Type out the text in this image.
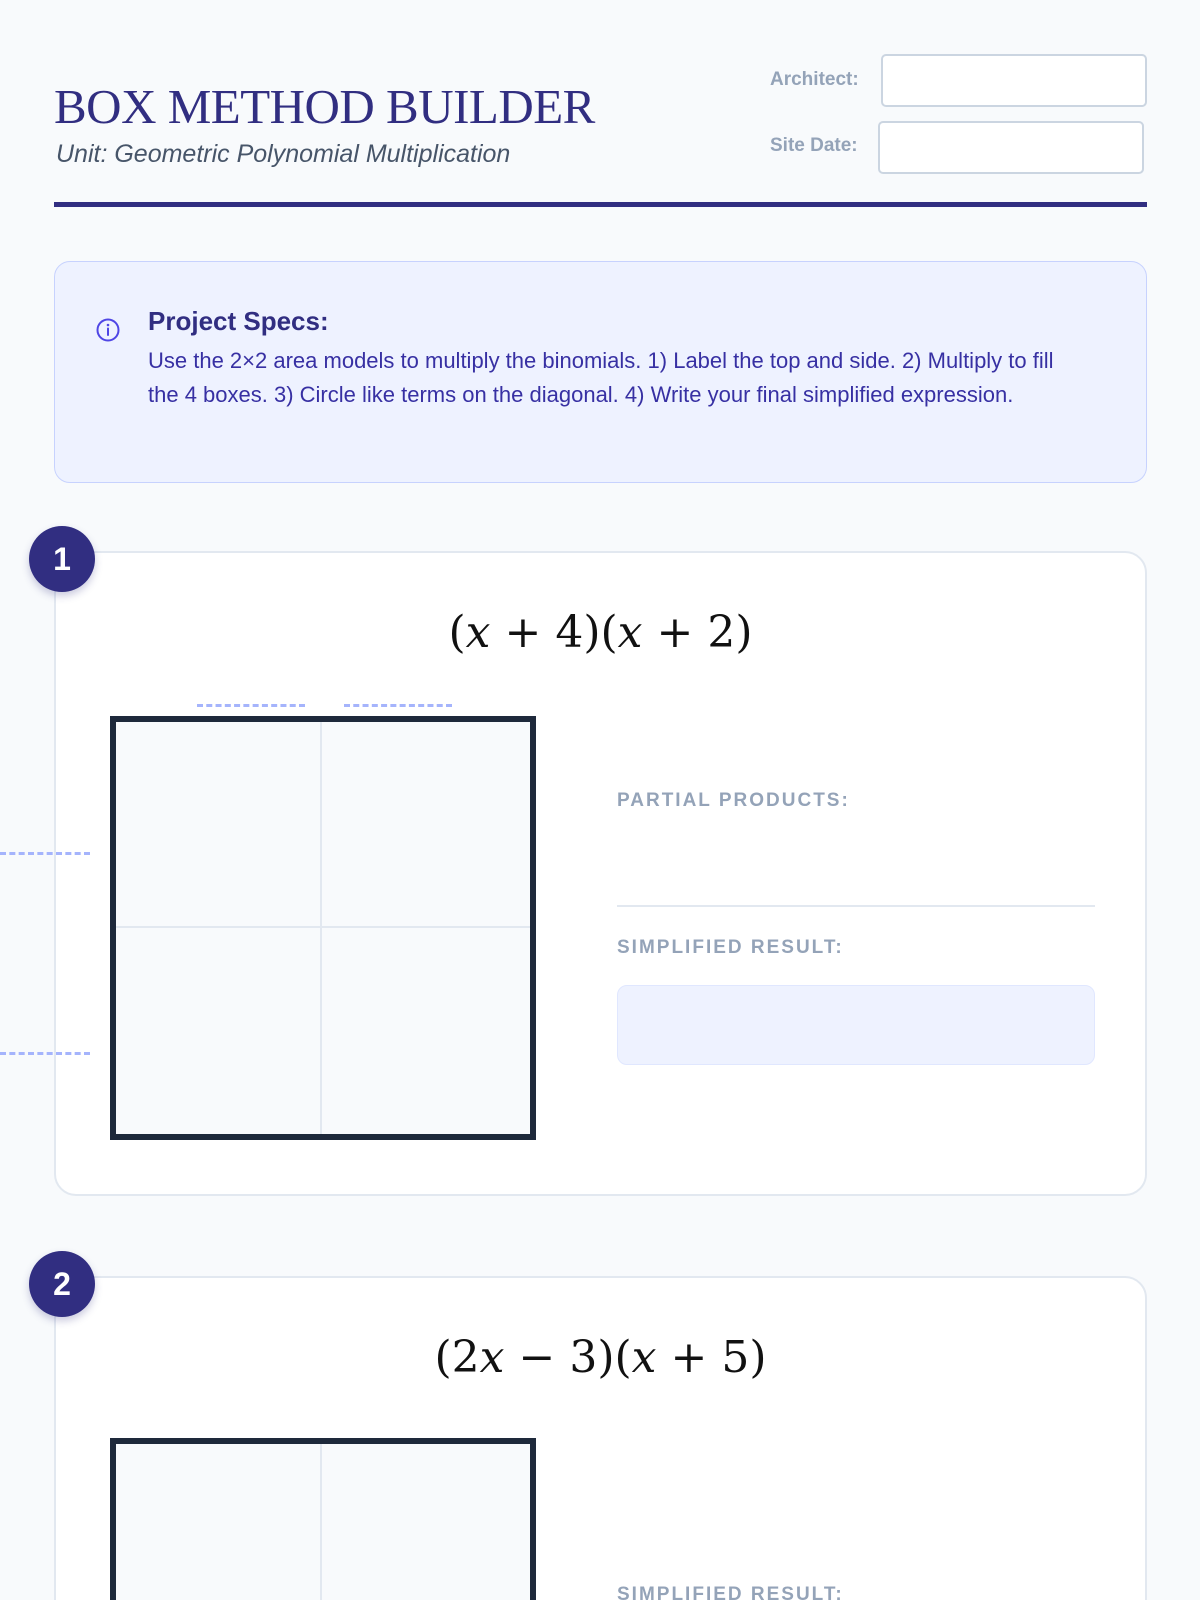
BOX METHOD BUILDER
Unit: Geometric Polynomial Multiplication
Architect:
Site Date:
Project Specs:
Use the 2×2 area models to multiply the binomials. 1) Label the top and side. 2) Multiply to fill the 4 boxes. 3) Circle like terms on the diagonal. 4) Write your final simplified expression.
(x + 4)(x + 2)
PARTIAL PRODUCTS:
SIMPLIFIED RESULT:
1
(2x − 3)(x + 5)
SIMPLIFIED RESULT:
2
